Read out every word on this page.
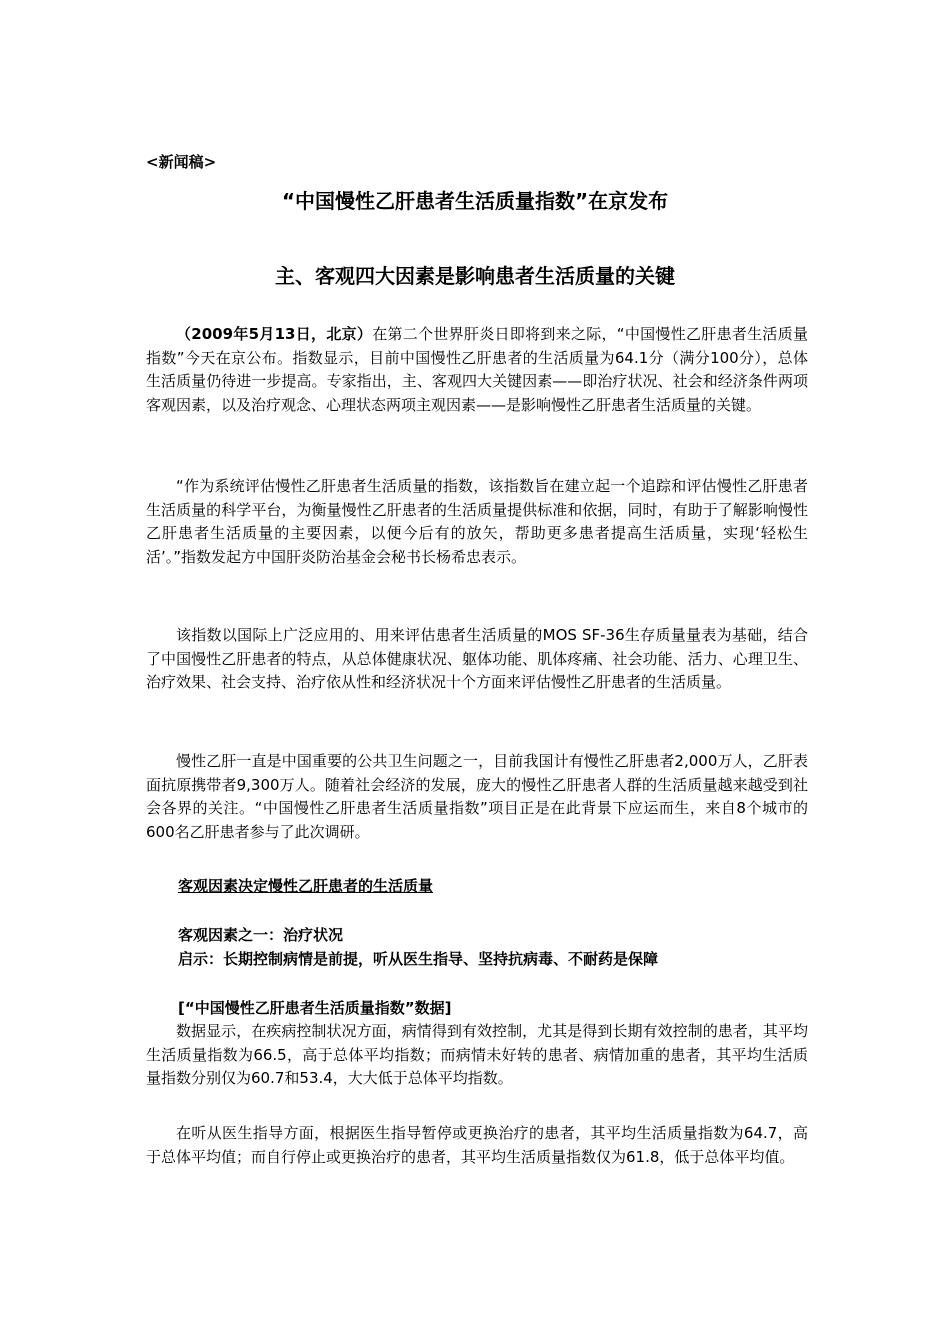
<新闻稿>
“中国慢性乙肝患者生活质量指数”在京发布
主、客观四大因素是影响患者生活质量的关键

（2009年5月13日，北京）在第二个世界肝炎日即将到来之际，“中国慢性乙肝患者生活质量指数”今天在京公布。指数显示，目前中国慢性乙肝患者的生活质量为64.1分（满分100分），总体生活质量仍待进一步提高。专家指出，主、客观四大关键因素——即治疗状况、社会和经济条件两项客观因素，以及治疗观念、心理状态两项主观因素——是影响慢性乙肝患者生活质量的关键。

“作为系统评估慢性乙肝患者生活质量的指数，该指数旨在建立起一个追踪和评估慢性乙肝患者生活质量的科学平台，为衡量慢性乙肝患者的生活质量提供标准和依据，同时，有助于了解影响慢性乙肝患者生活质量的主要因素，以便今后有的放矢，帮助更多患者提高生活质量，实现‘轻松生活’。”指数发起方中国肝炎防治基金会秘书长杨希忠表示。

该指数以国际上广泛应用的、用来评估患者生活质量的MOS SF-36生存质量量表为基础，结合了中国慢性乙肝患者的特点，从总体健康状况、躯体功能、肌体疼痛、社会功能、活力、心理卫生、治疗效果、社会支持、治疗依从性和经济状况十个方面来评估慢性乙肝患者的生活质量。

慢性乙肝一直是中国重要的公共卫生问题之一，目前我国计有慢性乙肝患者2,000万人，乙肝表面抗原携带者9,300万人。随着社会经济的发展，庞大的慢性乙肝患者人群的生活质量越来越受到社会各界的关注。“中国慢性乙肝患者生活质量指数”项目正是在此背景下应运而生，来自8个城市的600名乙肝患者参与了此次调研。

客观因素决定慢性乙肝患者的生活质量
客观因素之一：治疗状况
启示：长期控制病情是前提，听从医生指导、坚持抗病毒、不耐药是保障
[“中国慢性乙肝患者生活质量指数”数据]

数据显示，在疾病控制状况方面，病情得到有效控制，尤其是得到长期有效控制的患者，其平均生活质量指数为66.5，高于总体平均指数；而病情未好转的患者、病情加重的患者，其平均生活质量指数分别仅为60.7和53.4，大大低于总体平均指数。

在听从医生指导方面，根据医生指导暂停或更换治疗的患者，其平均生活质量指数为64.7，高于总体平均值；而自行停止或更换治疗的患者，其平均生活质量指数仅为61.8，低于总体平均值。
